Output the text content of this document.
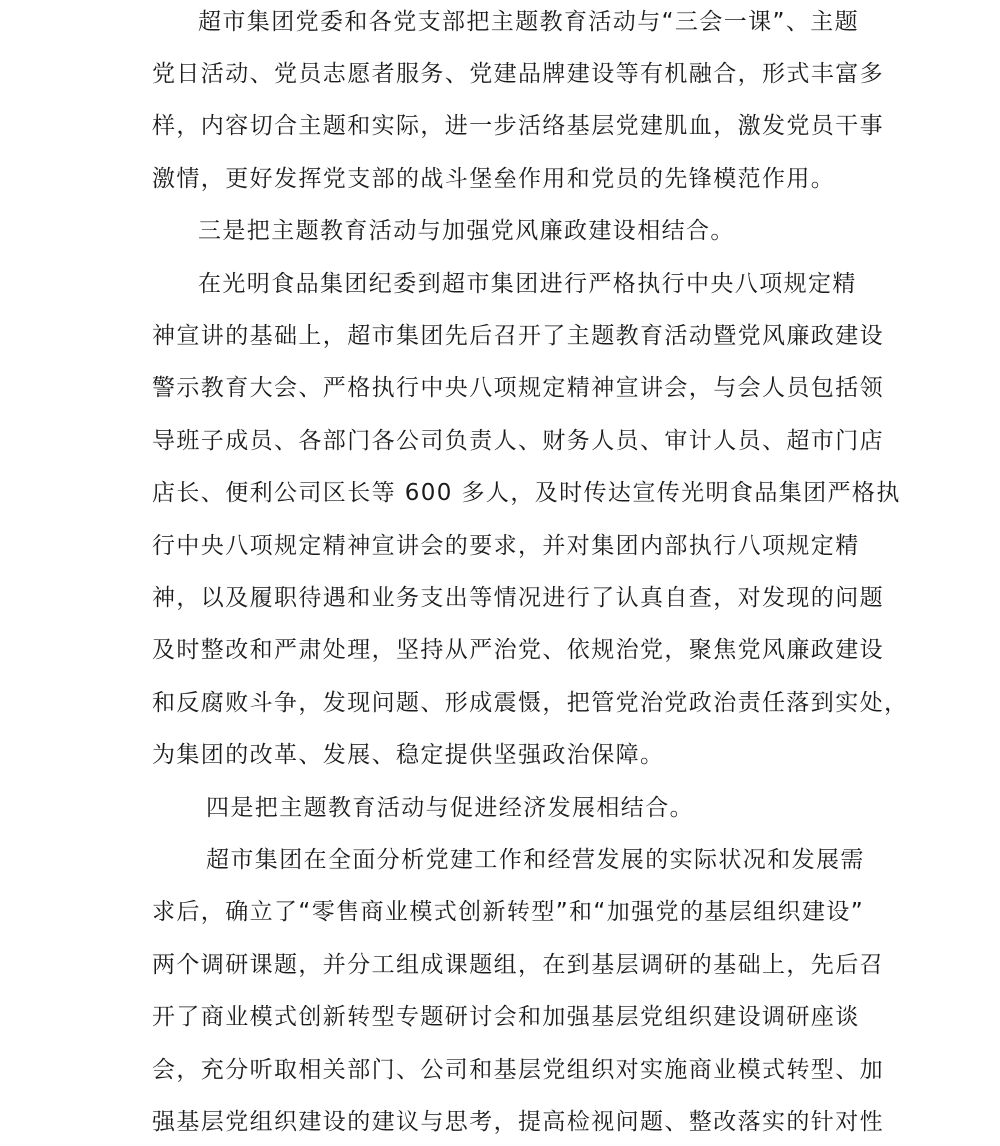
超市集团党委和各党支部把主题教育活动与“三会一课”、主题
党日活动、党员志愿者服务、党建品牌建设等有机融合，形式丰富多
样，内容切合主题和实际，进一步活络基层党建肌血，激发党员干事
激情，更好发挥党支部的战斗堡垒作用和党员的先锋模范作用。
三是把主题教育活动与加强党风廉政建设相结合。
在光明食品集团纪委到超市集团进行严格执行中央八项规定精
神宣讲的基础上，超市集团先后召开了主题教育活动暨党风廉政建设
警示教育大会、严格执行中央八项规定精神宣讲会，与会人员包括领
导班子成员、各部门各公司负责人、财务人员、审计人员、超市门店
店长、便利公司区长等 600 多人，及时传达宣传光明食品集团严格执
行中央八项规定精神宣讲会的要求，并对集团内部执行八项规定精
神，以及履职待遇和业务支出等情况进行了认真自查，对发现的问题
及时整改和严肃处理，坚持从严治党、依规治党，聚焦党风廉政建设
和反腐败斗争，发现问题、形成震慑，把管党治党政治责任落到实处，
为集团的改革、发展、稳定提供坚强政治保障。
四是把主题教育活动与促进经济发展相结合。
超市集团在全面分析党建工作和经营发展的实际状况和发展需
求后，确立了“零售商业模式创新转型”和“加强党的基层组织建设”
两个调研课题，并分工组成课题组，在到基层调研的基础上，先后召
开了商业模式创新转型专题研讨会和加强基层党组织建设调研座谈
会，充分听取相关部门、公司和基层党组织对实施商业模式转型、加
强基层党组织建设的建议与思考，提高检视问题、整改落实的针对性
